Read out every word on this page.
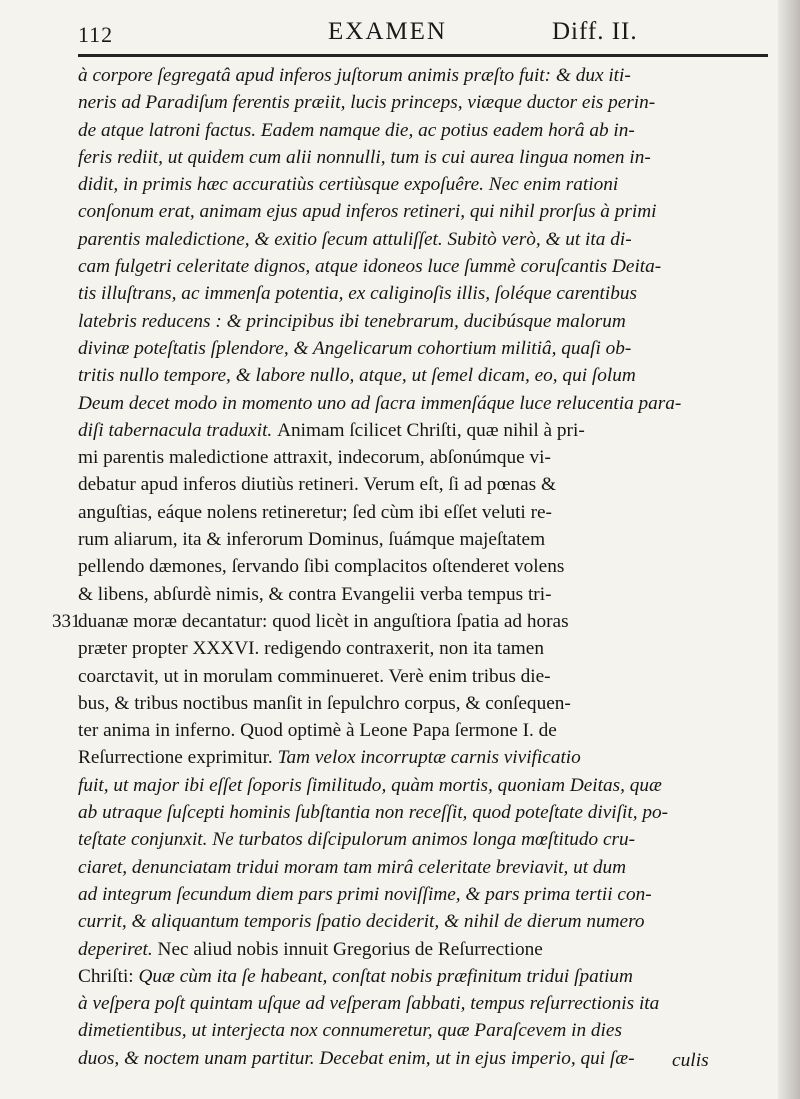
112	EXAMEN	Diff. II.
à corpore ſegregatâ apud inferos juſtorum animis præſto fuit: & dux iti-
neris ad Paradiſum ferentis præiit, lucis princeps, viæque ductor eis perin-
de atque latroni factus. Eadem namque die, ac potius eadem horâ ab in-
feris rediit, ut quidem cum alii nonnulli, tum is cui aurea lingua nomen in-
didit, in primis hæc accuratiùs certiùsque expoſuêre. Nec enim rationi
conſonum erat, animam ejus apud inferos retineri, qui nihil prorſus à primi
parentis maledictione, & exitio ſecum attuliſſet. Subitò verò, & ut ita di-
cam fulgetri celeritate dignos, atque idoneos luce ſummè coruſcantis Deita-
tis illuſtrans, ac immenſa potentia, ex caliginoſis illis, ſoléque carentibus
latebris reducens : & principibus ibi tenebrarum, ducibúsque malorum
divinæ poteſtatis ſplendore, & Angelicarum cohortium militiâ, quaſi ob-
tritis nullo tempore, & labore nullo, atque, ut ſemel dicam, eo, qui ſolum
Deum decet modo in momento uno ad ſacra immenſáque luce relucentia para-
diſi tabernacula traduxit. Animam ſcilicet Chriſti, quæ nihil à pri-
mi parentis maledictione attraxit, indecorum, abſonúmque vi-
debatur apud inferos diutiùs retineri. Verum eſt, ſi ad pœnas &
anguſtias, eáque nolens retineretur; ſed cùm ibi eſſet veluti re-
rum aliarum, ita & inferorum Dominus, ſuámque majeſtatem
pellendo dæmones, ſervando ſibi complacitos oſtenderet volens
& libens, abſurdè nimis, & contra Evangelii verba tempus tri-
duanæ moræ decantatur: quod licèt in anguſtiora ſpatia ad horas
331
præter propter XXXVI. redigendo contraxerit, non ita tamen
coarctavit, ut in morulam comminueret. Verè enim tribus die-
bus, & tribus noctibus manſit in ſepulchro corpus, & conſequen-
ter anima in inferno. Quod optimè à Leone Papa ſermone I. de
Reſurrectione exprimitur. Tam velox incorruptæ carnis vivificatio
fuit, ut major ibi eſſet ſoporis ſimilitudo, quàm mortis, quoniam Deitas, quæ
ab utraque ſuſcepti hominis ſubſtantia non receſſit, quod poteſtate diviſit, po-
teſtate conjunxit. Ne turbatos diſcipulorum animos longa mœſtitudo cru-
ciaret, denunciatam tridui moram tam mirâ celeritate breviavit, ut dum
ad integrum ſecundum diem pars primi noviſſime, & pars prima tertii con-
currit, & aliquantum temporis ſpatio deciderit, & nihil de dierum numero
deperiret. Nec aliud nobis innuit Gregorius de Reſurrectione
Chriſti: Quæ cùm ita ſe habeant, conſtat nobis præfinitum tridui ſpatium
à veſpera poſt quintam uſque ad veſperam ſabbati, tempus reſurrectionis ita
dimetientibus, ut interjecta nox connumeretur, quæ Paraſcevem in dies
duos, & noctem unam partitur. Decebat enim, ut in ejus imperio, qui ſæ-	culis
